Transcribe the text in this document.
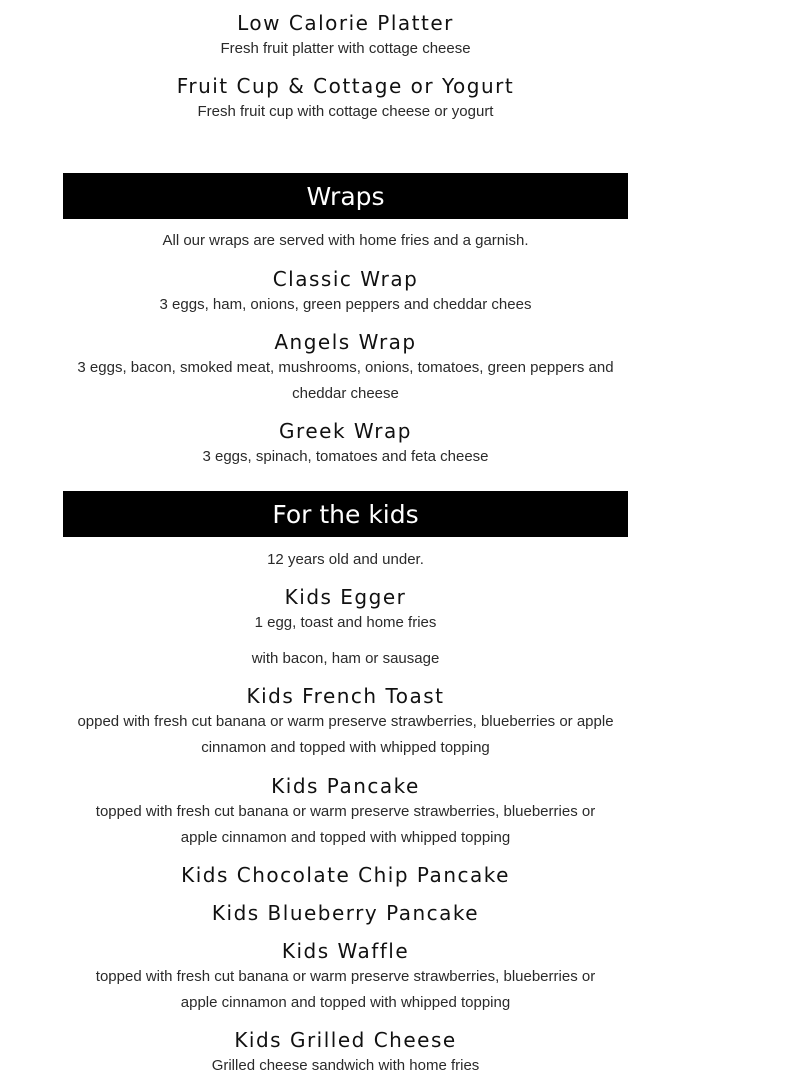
Low Calorie Platter

Fresh fruit platter with cottage cheese

Fruit Cup & Cottage or Yogurt

Fresh fruit cup with cottage cheese or yogurt

Wraps

All our wraps are served with home fries and a garnish.

Classic Wrap

3 eggs, ham, onions, green peppers and cheddar chees

Angels Wrap

3 eggs, bacon, smoked meat, mushrooms, onions, tomatoes, green peppers and cheddar cheese

Greek Wrap

3 eggs, spinach, tomatoes and feta cheese

For the kids

12 years old and under.

Kids Egger

1 egg, toast and home fries

with bacon, ham or sausage

Kids French Toast

opped with fresh cut banana or warm preserve strawberries, blueberries or apple cinnamon and topped with whipped topping

Kids Pancake

topped with fresh cut banana or warm preserve strawberries, blueberries or apple cinnamon and topped with whipped topping

Kids Chocolate Chip Pancake
Kids Blueberry Pancake
Kids Waffle

topped with fresh cut banana or warm preserve strawberries, blueberries or apple cinnamon and topped with whipped topping

Kids Grilled Cheese

Grilled cheese sandwich with home fries
